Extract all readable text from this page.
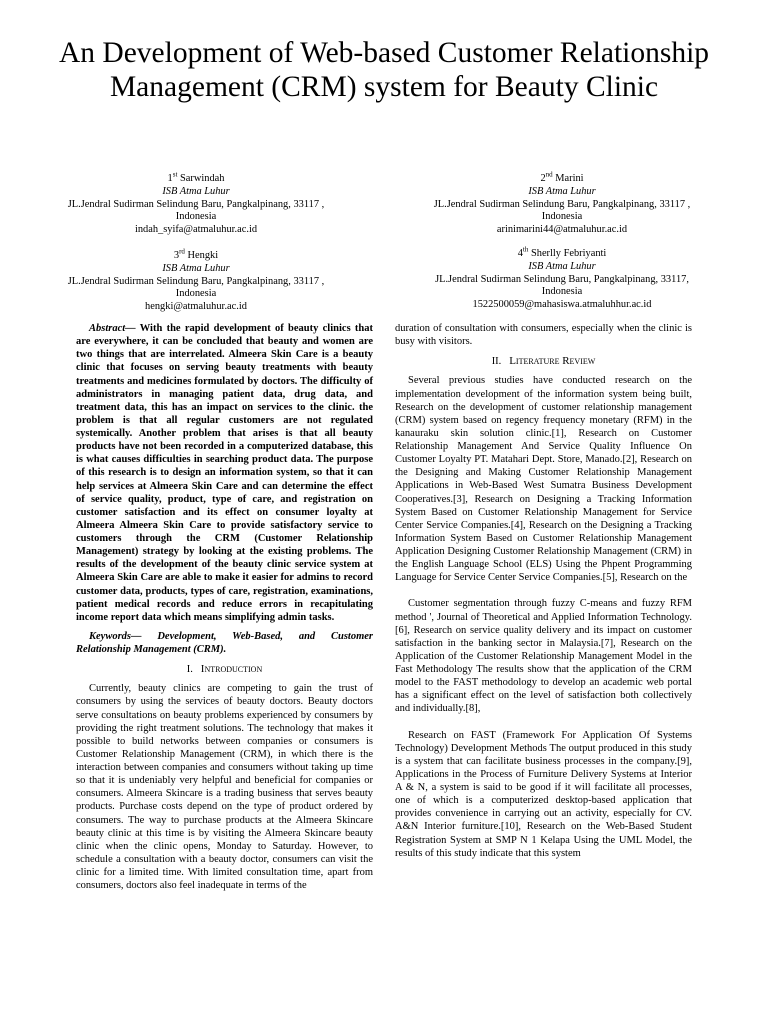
An Development of Web-based Customer Relationship Management (CRM) system for Beauty Clinic
1st Sarwindah
ISB Atma Luhur
JL.Jendral Sudirman Selindung Baru, Pangkalpinang, 33117 ,
Indonesia
indah_syifa@atmaluhur.ac.id
2nd Marini
ISB Atma Luhur
JL.Jendral Sudirman Selindung Baru, Pangkalpinang, 33117 ,
Indonesia
arinimarini44@atmaluhur.ac.id
3rd Hengki
ISB Atma Luhur
JL.Jendral Sudirman Selindung Baru, Pangkalpinang, 33117 ,
Indonesia
hengki@atmaluhur.ac.id
4th Sherlly Febriyanti
ISB Atma Luhur
JL.Jendral Sudirman Selindung Baru, Pangkalpinang, 33117,
Indonesia
1522500059@mahasiswa.atmaluhhur.ac.id

Abstract— With the rapid development of beauty clinics that are everywhere, it can be concluded that beauty and women are two things that are interrelated. Almeera Skin Care is a beauty clinic that focuses on serving beauty treatments with beauty treatments and medicines formulated by doctors. The difficulty of administrators in managing patient data, drug data, and treatment data, this has an impact on services to the clinic. the problem is that all regular customers are not regulated systemically. Another problem that arises is that all beauty products have not been recorded in a computerized database, this is what causes difficulties in searching product data. The purpose of this research is to design an information system, so that it can help services at Almeera Skin Care and can determine the effect of service quality, product, type of care, and registration on customer satisfaction and its effect on consumer loyalty at Almeera Almeera Skin Care to provide satisfactory service to customers through the CRM (Customer Relationship Management) strategy by looking at the existing problems. The results of the development of the beauty clinic service system at Almeera Skin Care are able to make it easier for admins to record customer data, products, types of care, registration, examinations, patient medical records and reduce errors in recapitulating income report data which means simplifying admin tasks.

Keywords— Development, Web-Based, and Customer Relationship Management (CRM).

I. Introduction

Currently, beauty clinics are competing to gain the trust of consumers by using the services of beauty doctors. Beauty doctors serve consultations on beauty problems experienced by consumers by providing the right treatment solutions. The technology that makes it possible to build networks between companies or consumers is Customer Relationship Management (CRM), in which there is the interaction between companies and consumers without taking up time so that it is undeniably very helpful and beneficial for companies or consumers. Almeera Skincare is a trading business that serves beauty products. Purchase costs depend on the type of product ordered by consumers. The way to purchase products at the Almeera Skincare beauty clinic at this time is by visiting the Almeera Skincare beauty clinic when the clinic opens, Monday to Saturday. However, to schedule a consultation with a beauty doctor, consumers can visit the clinic for a limited time. With limited consultation time, apart from consumers, doctors also feel inadequate in terms of the

duration of consultation with consumers, especially when the clinic is busy with visitors.

II. Literature Review

Several previous studies have conducted research on the implementation development of the information system being built, Research on the development of customer relationship management (CRM) system based on regency frequency monetary (RFM) in the kanauraku skin solution clinic.[1], Research on Customer Relationship Management And Service Quality Influence On Customer Loyalty PT. Matahari Dept. Store, Manado.[2], Research on the Designing and Making Customer Relationship Management Applications in Web-Based West Sumatra Business Development Cooperatives.[3], Research on Designing a Tracking Information System Based on Customer Relationship Management for Service Center Service Companies.[4], Research on the Designing a Tracking Information System Based on Customer Relationship Management Application Designing Customer Relationship Management (CRM) in the English Language School (ELS) Using the Phpent Programming Language for Service Center Service Companies.[5], Research on the

Customer segmentation through fuzzy C-means and fuzzy RFM method ', Journal of Theoretical and Applied Information Technology.[6], Research on service quality delivery and its impact on customer satisfaction in the banking sector in Malaysia.[7], Research on the Application of the Customer Relationship Management Model in the Fast Methodology The results show that the application of the CRM model to the FAST methodology to develop an academic web portal has a significant effect on the level of satisfaction both collectively and individually.[8],

Research on FAST (Framework For Application Of Systems Technology) Development Methods The output produced in this study is a system that can facilitate business processes in the company.[9], Applications in the Process of Furniture Delivery Systems at Interior A & N, a system is said to be good if it will facilitate all processes, one of which is a computerized desktop-based application that provides convenience in carrying out an activity, especially for CV. A&N Interior furniture.[10], Research on the Web-Based Student Registration System at SMP N 1 Kelapa Using the UML Model, the results of this study indicate that this system
